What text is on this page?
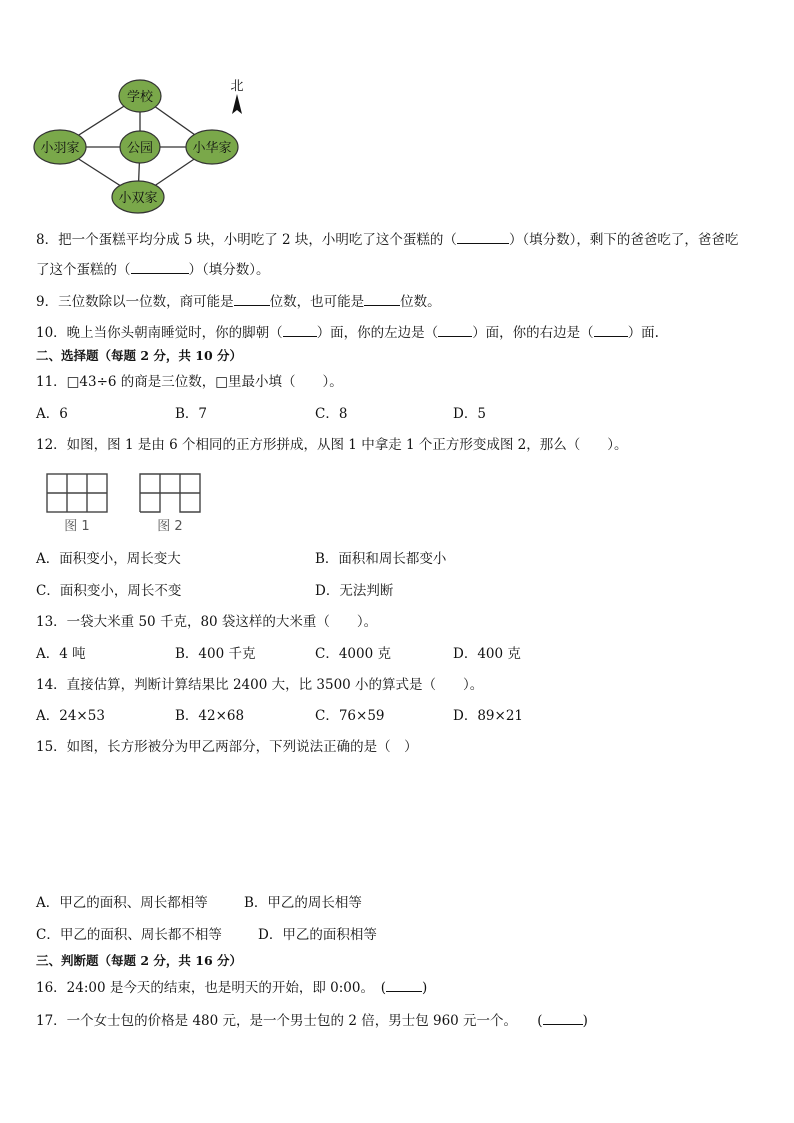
学校
小羽家	公园	小华家
小双家
北
8．把一个蛋糕平均分成 5 块，小明吃了 2 块，小明吃了这个蛋糕的（	）（填分数），剩下的爸爸吃了，爸爸吃
了这个蛋糕的（	）（填分数）。
9．三位数除以一位数，商可能是	位数，也可能是	位数。
10．晚上当你头朝南睡觉时，你的脚朝（	）面，你的左边是（	）面，你的右边是（	）面.
二、选择题（每题 2 分，共 10 分）
11．□43÷6 的商是三位数，□里最小填（　　）。
A．6	B．7	C．8	D．5
12．如图，图 1 是由 6 个相同的正方形拼成，从图 1 中拿走 1 个正方形变成图 2，那么（　　）。
图 1	图 2
A．面积变小，周长变大	B．面积和周长都变小
C．面积变小，周长不变	D．无法判断
13．一袋大米重 50 千克，80 袋这样的大米重（　　）。
A．4 吨	B．400 千克	C．4000 克	D．400 克
14．直接估算，判断计算结果比 2400 大，比 3500 小的算式是（　　）。
A．24×53	B．42×68	C．76×59	D．89×21
15．如图，长方形被分为甲乙两部分，下列说法正确的是（　）
A．甲乙的面积、周长都相等	B．甲乙的周长相等
C．甲乙的面积、周长都不相等	D．甲乙的面积相等
三、判断题（每题 2 分，共 16 分）
16．24:00 是今天的结束，也是明天的开始，即 0:00。　(	)
17．一个女士包的价格是 480 元，是一个男士包的 2 倍，男士包 960 元一个。　　(	)
